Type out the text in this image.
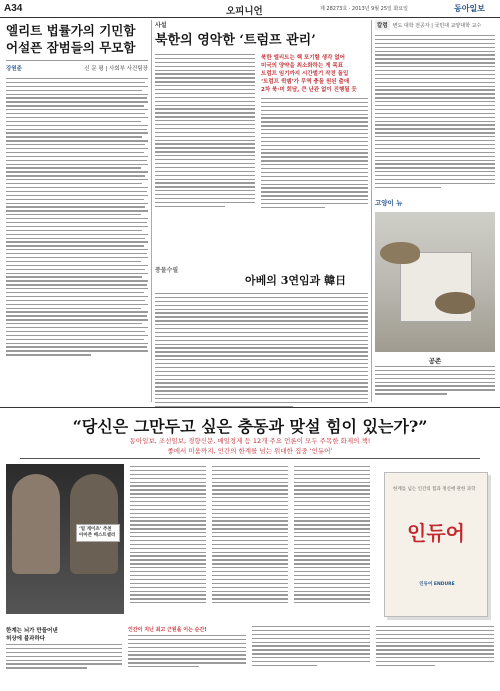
A34	오피니언	제 28273호 · 2013년 9월 25일 화요일	동아일보
엘리트 법률가의 기민함
어설픈 잠범들의 무모함
강원준	신 문 평 | 사회부 사건팀장
사설
북한의 영악한 ‘트럼프 관리’
북한 엘리트는 핵 포기할 생각 없어
미국의 양약을 최소화하는 게 목표
트럼프 임기까지 시간벌기 작전 돌입
‘트럼프 퀵뎀’가 무역 충돌 원된 출애
2차 북·미 회담, 큰 난관 없이 진행될 듯
칼럼	변도 대학 전공자 | 국민대 교양대학 교수
풍물수필
아베의 3연임과 韓日
고양이 뉴
공존
“당신은 그만두고 싶은 충동과 맞설 힘이 있는가?”
동아일보, 조선일보, 경향신문, 매일경제 등 12개 주요 언론이 모두 주목한 화제의 책!
좋에서 미움까지, 인간의 한계를 넘는 위대한 집중 ‘인듀어’
‘빌 게이츠’ 추천
아마존 베스트셀러
한계를 넘는 인간의 힘과 정신에 관한 과학
인듀어
인듀어 ENDURE
한계는 뇌가 만들어낸
허상에 불과하다
인간이 지닌 최고 근원을 이는 순간!
